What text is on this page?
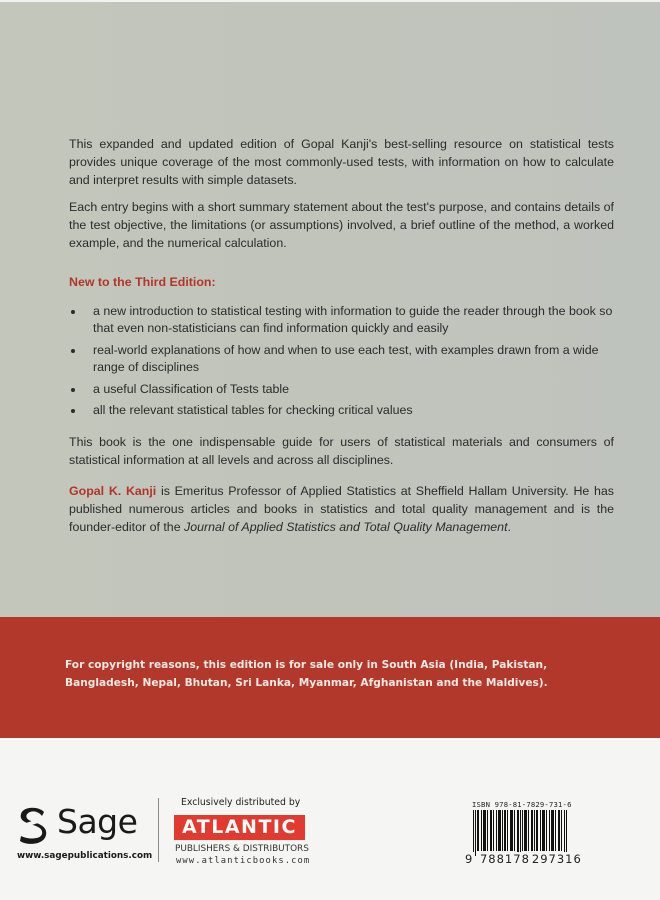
This expanded and updated edition of Gopal Kanji's best-selling resource on statistical tests provides unique coverage of the most commonly-used tests, with information on how to calculate and interpret results with simple datasets.

Each entry begins with a short summary statement about the test's purpose, and contains details of the test objective, the limitations (or assumptions) involved, a brief outline of the method, a worked example, and the numerical calculation.

New to the Third Edition:
a new introduction to statistical testing with information to guide the reader through the book so that even non-statisticians can find information quickly and easily
real-world explanations of how and when to use each test, with examples drawn from a wide range of disciplines
a useful Classification of Tests table
all the relevant statistical tables for checking critical values

This book is the one indispensable guide for users of statistical materials and consumers of statistical information at all levels and across all disciplines.

Gopal K. Kanji is Emeritus Professor of Applied Statistics at Sheffield Hallam University. He has published numerous articles and books in statistics and total quality management and is the founder-editor of the Journal of Applied Statistics and Total Quality Management.

For copyright reasons, this edition is for sale only in South Asia (India, Pakistan,
Bangladesh, Nepal, Bhutan, Sri Lanka, Myanmar, Afghanistan and the Maldives).
Sage
www.sagepublications.com
Exclusively distributed by
ATLANTIC
PUBLISHERS & DISTRIBUTORS
www.atlanticbooks.com
ISBN 978-81-7829-731-6
9 788178 297316
